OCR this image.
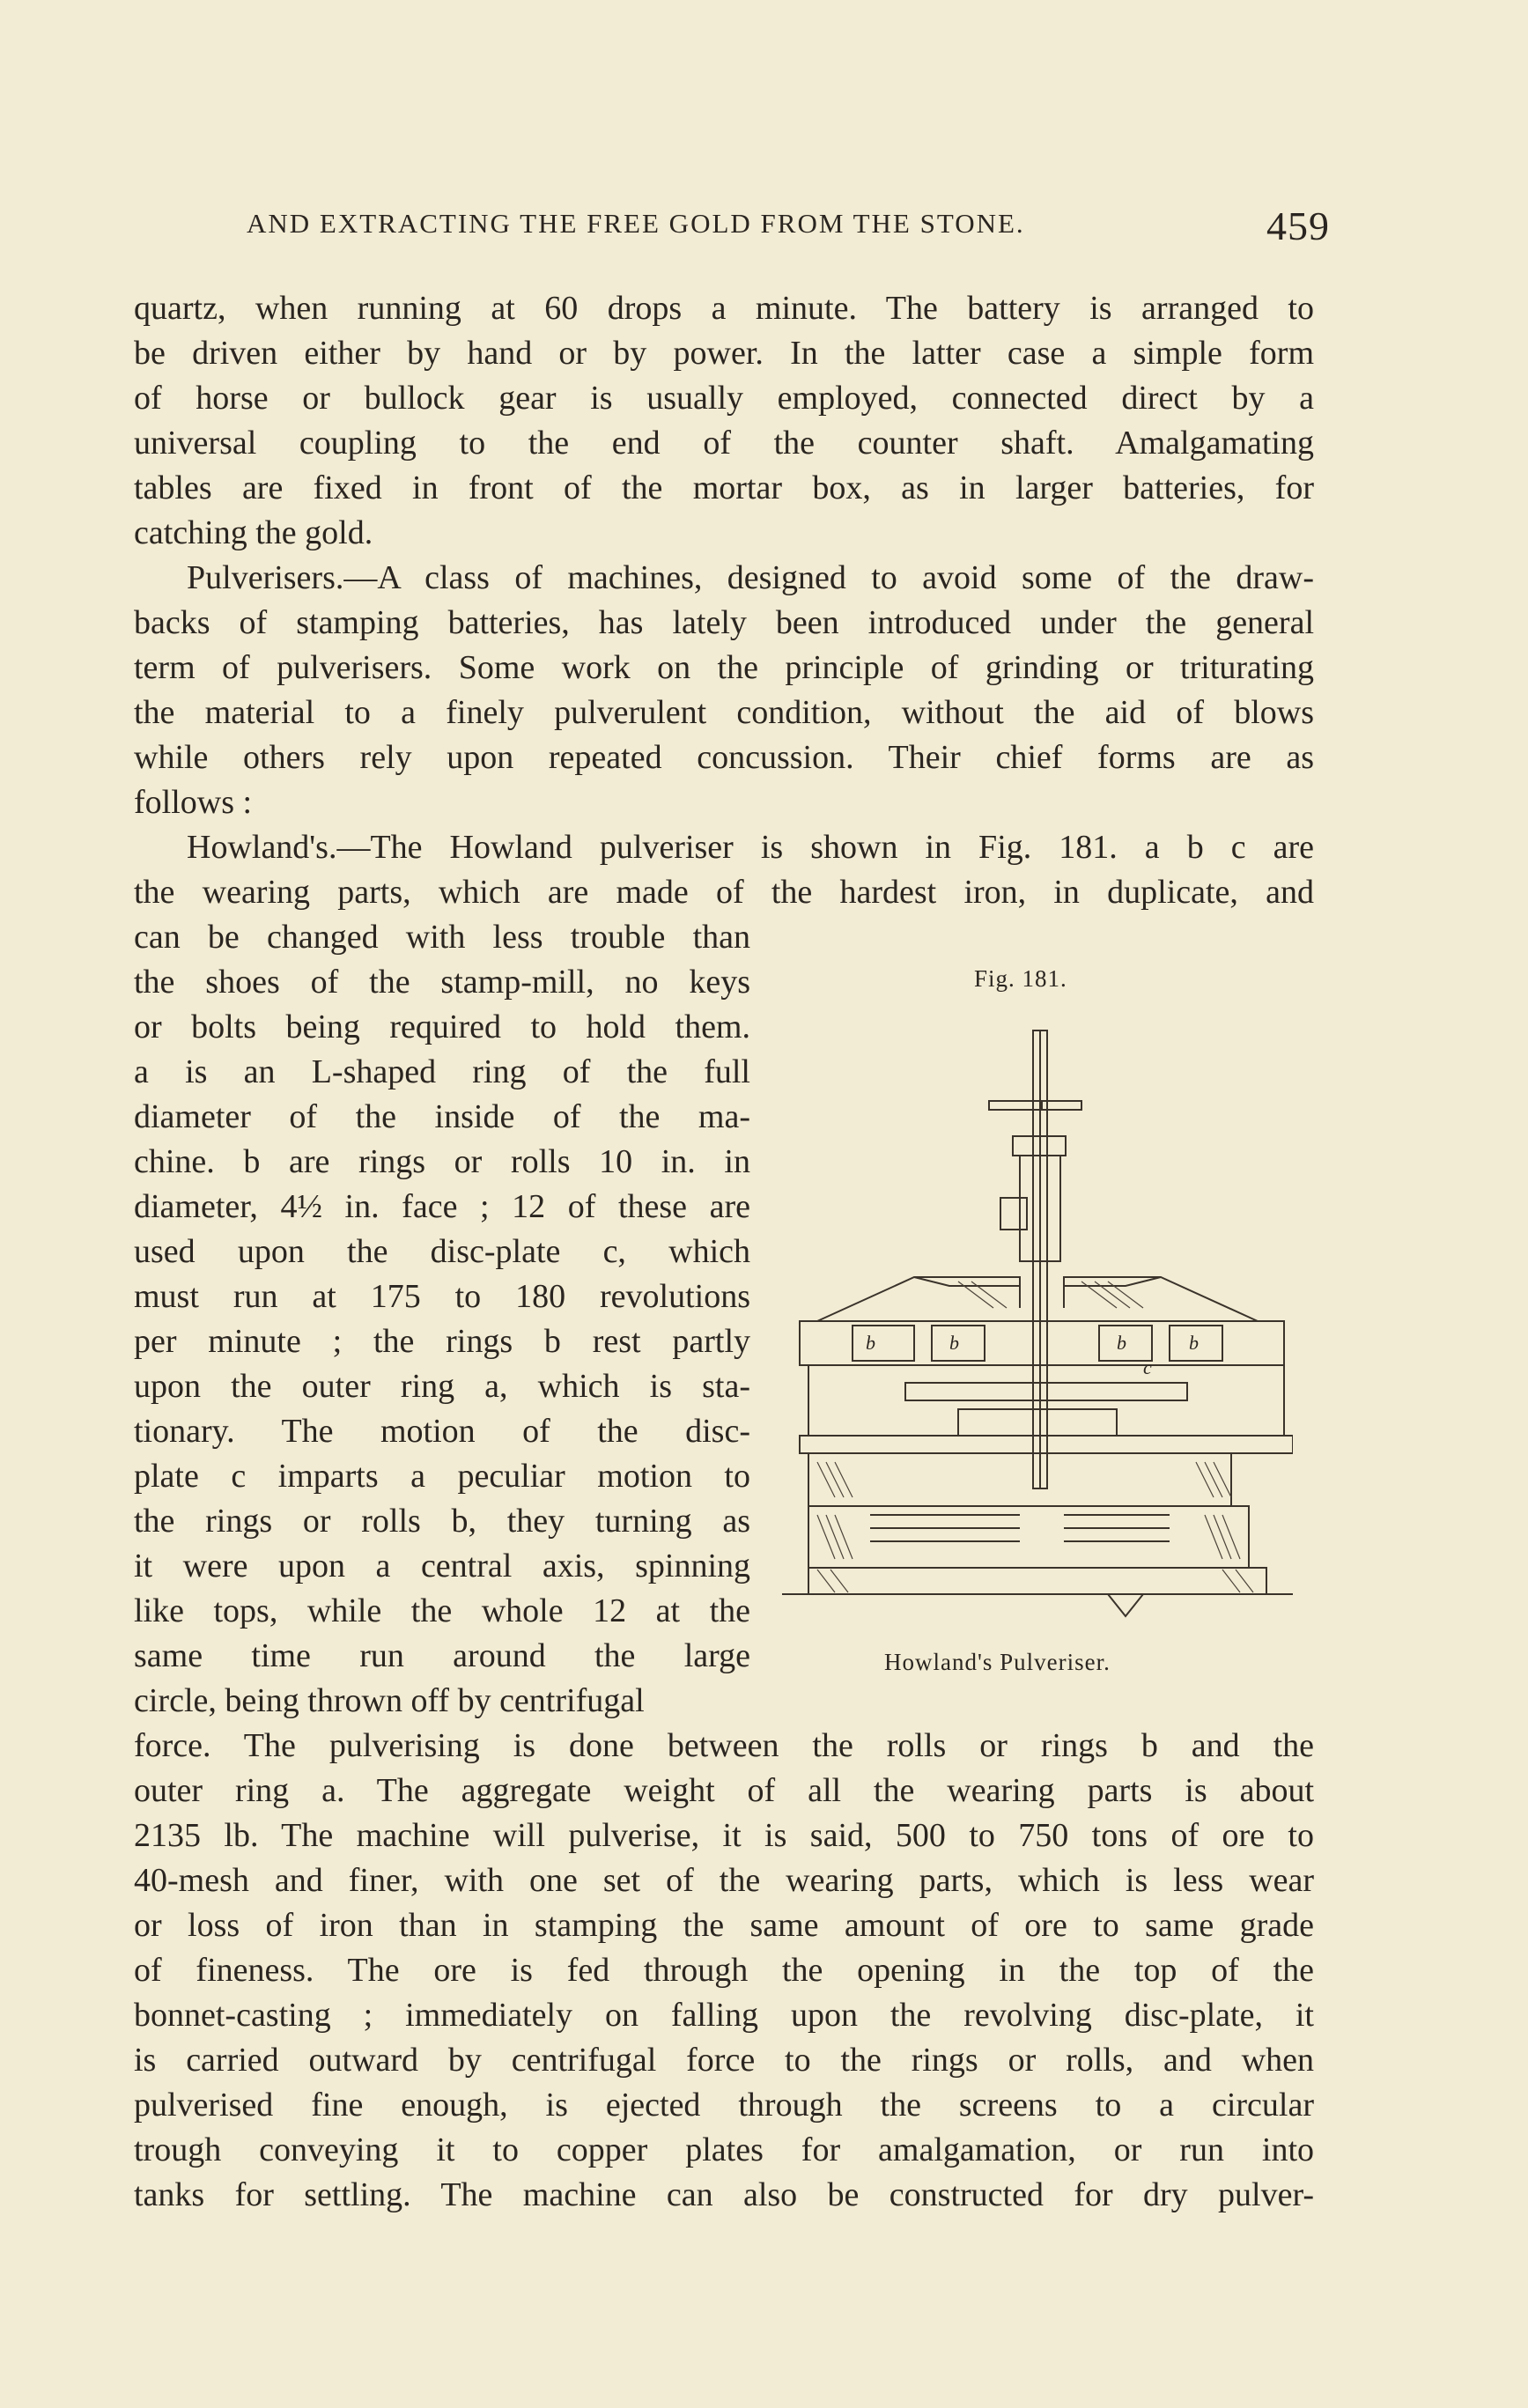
AND EXTRACTING THE FREE GOLD FROM THE STONE.	459
quartz, when running at 60 drops a minute. The battery is arranged to
be driven either by hand or by power. In the latter case a simple form
of horse or bullock gear is usually employed, connected direct by a
universal coupling to the end of the counter shaft. Amalgamating
tables are fixed in front of the mortar box, as in larger batteries, for
catching the gold.
Pulverisers.—A class of machines, designed to avoid some of the draw-
backs of stamping batteries, has lately been introduced under the general
term of pulverisers. Some work on the principle of grinding or triturating
the material to a finely pulverulent condition, without the aid of blows
while others rely upon repeated concussion. Their chief forms are as
follows :
Howland's.—The Howland pulveriser is shown in Fig. 181. a b c are
the wearing parts, which are made of the hardest iron, in duplicate, and
can be changed with less trouble than
the shoes of the stamp-mill, no keys
or bolts being required to hold them.
a is an L-shaped ring of the full
diameter of the inside of the ma-
chine. b are rings or rolls 10 in. in
diameter, 4½ in. face ; 12 of these are
used upon the disc-plate c, which
must run at 175 to 180 revolutions
per minute ; the rings b rest partly
upon the outer ring a, which is sta-
tionary. The motion of the disc-
plate c imparts a peculiar motion to
the rings or rolls b, they turning as
it were upon a central axis, spinning
like tops, while the whole 12 at the
same time run around the large
circle, being thrown off by centrifugal
force. The pulverising is done between the rolls or rings b and the
outer ring a. The aggregate weight of all the wearing parts is about
2135 lb. The machine will pulverise, it is said, 500 to 750 tons of ore to
40-mesh and finer, with one set of the wearing parts, which is less wear
or loss of iron than in stamping the same amount of ore to same grade
of fineness. The ore is fed through the opening in the top of the
bonnet-casting ; immediately on falling upon the revolving disc-plate, it
is carried outward by centrifugal force to the rings or rolls, and when
pulverised fine enough, is ejected through the screens to a circular
trough conveying it to copper plates for amalgamation, or run into
tanks for settling. The machine can also be constructed for dry pulver-
Fig. 181.
b	b	b	b
c
Howland's Pulveriser.
